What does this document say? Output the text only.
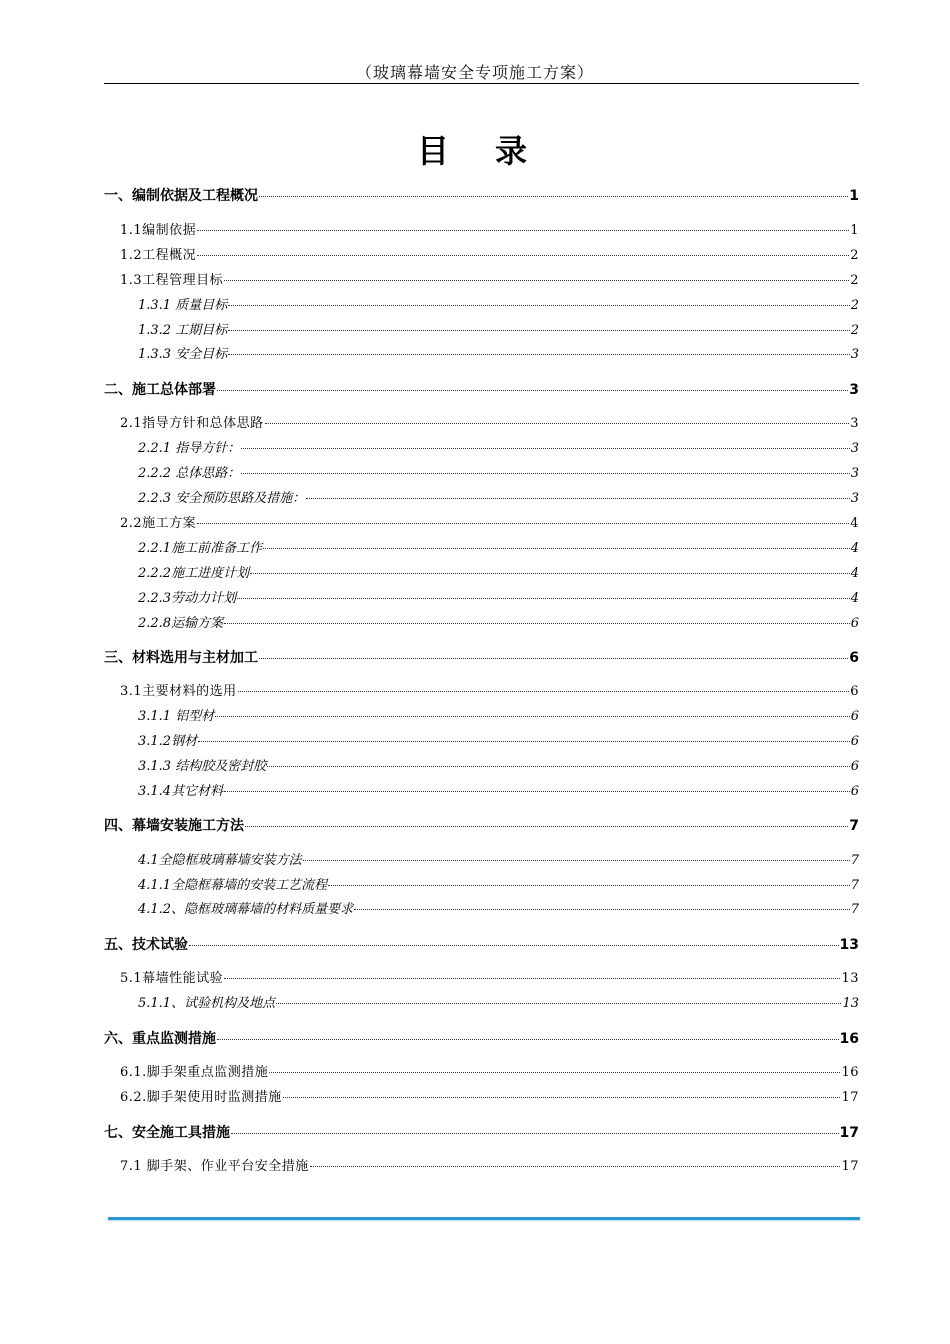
（玻璃幕墙安全专项施工方案）
目 录
一、编制依据及工程概况	1
1.1编制依据	1
1.2工程概况	2
1.3工程管理目标	2
1.3.1 质量目标	2
1.3.2 工期目标	2
1.3.3 安全目标	3
二、施工总体部署	3
2.1指导方针和总体思路	3
2.2.1 指导方针：	3
2.2.2 总体思路：	3
2.2.3 安全预防思路及措施：	3
2.2施工方案	4
2.2.1施工前准备工作	4
2.2.2施工进度计划	4
2.2.3劳动力计划	4
2.2.8运输方案	6
三、材料选用与主材加工	6
3.1主要材料的选用	6
3.1.1 铝型材	6
3.1.2钢材	6
3.1.3 结构胶及密封胶	6
3.1.4其它材料	6
四、幕墙安装施工方法	7
4.1全隐框玻璃幕墙安装方法	7
4.1.1全隐框幕墙的安装工艺流程	7
4.1.2、隐框玻璃幕墙的材料质量要求	7
五、技术试验	13
5.1幕墙性能试验	13
5.1.1、试验机构及地点	13
六、重点监测措施	16
6.1.脚手架重点监测措施	16
6.2.脚手架使用时监测措施	17
七、安全施工具措施	17
7.1 脚手架、作业平台安全措施	17
